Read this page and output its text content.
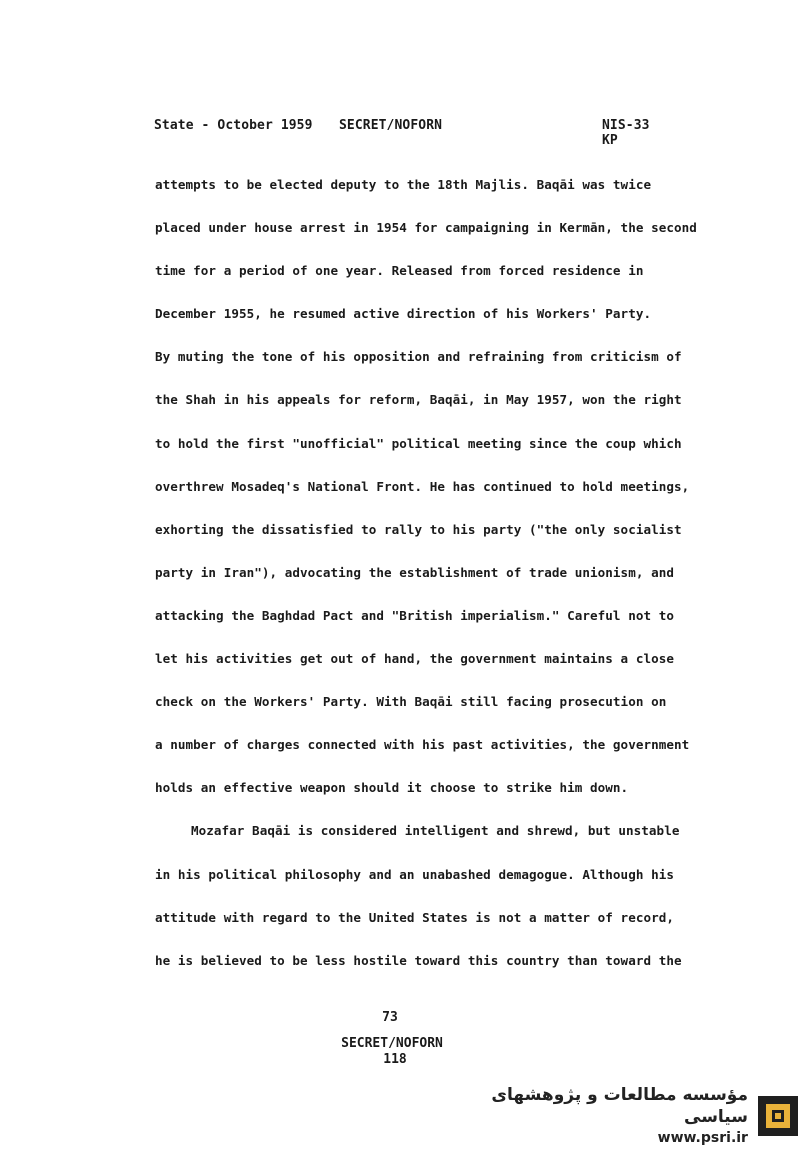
State - October 1959 SECRET/NOFORN	NIS-33
KP
attempts to be elected deputy to the 18th Majlis. Baqāi was twice
placed under house arrest in 1954 for campaigning in Kermān, the second
time for a period of one year. Released from forced residence in
December 1955, he resumed active direction of his Workers' Party.
By muting the tone of his opposition and refraining from criticism of
the Shah in his appeals for reform, Baqāi, in May 1957, won the right
to hold the first "unofficial" political meeting since the coup which
overthrew Mosadeq's National Front. He has continued to hold meetings,
exhorting the dissatisfied to rally to his party ("the only socialist
party in Iran"), advocating the establishment of trade unionism, and
attacking the Baghdad Pact and "British imperialism." Careful not to
let his activities get out of hand, the government maintains a close
check on the Workers' Party. With Baqāi still facing prosecution on
a number of charges connected with his past activities, the government
holds an effective weapon should it choose to strike him down.
Mozafar Baqāi is considered intelligent and shrewd, but unstable
in his political philosophy and an unabashed demagogue. Although his
attitude with regard to the United States is not a matter of record,
he is believed to be less hostile toward this country than toward the
73
SECRET/NOFORN
118
مؤسسه مطالعات و پژوهشهای سیاسی
www.psri.ir
